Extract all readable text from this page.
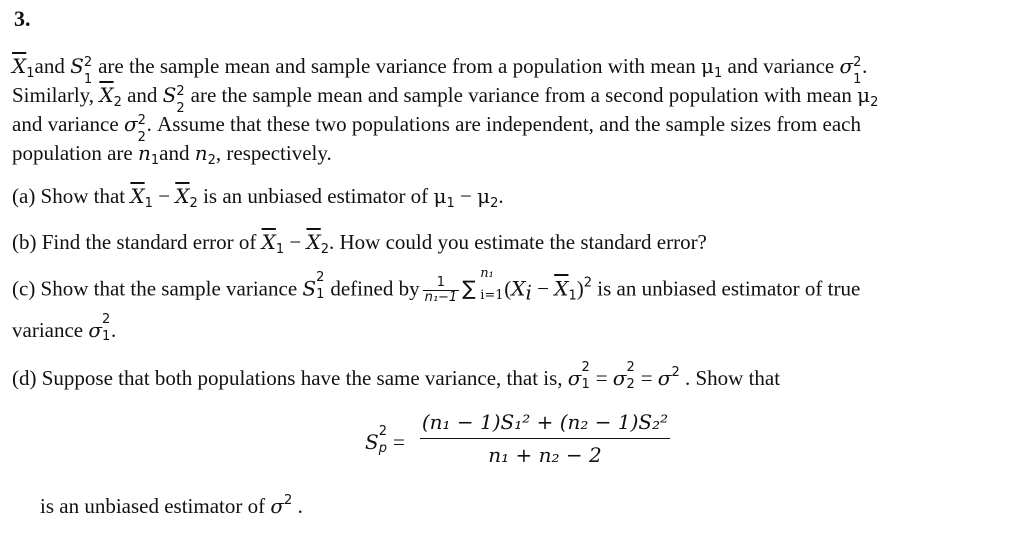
3.
$\overline{X}_1and$ S 2
1
are the sample mean and sample variance from a population with mean $\mu_1$ and variance σ 2
1
.
Similarly, $\overline{X}_2$ and S 2
2
are the sample mean and sample variance from a second population with mean $\mu_2$
and variance σ 2
2
. Assume that these two populations are independent, and the sample sizes from each
population are $n_1and$ $n_2$, respectively.
(a) Show that $\overline{X}_1 - \overline{X}_2$ is an unbiased estimator of $\mu_1 - \mu_2$.
(b) Find the standard error of $\overline{X}_1 - \overline{X}_2$. How could you estimate the standard error?
(c) Show that the sample variance S 2
1 defined by $\frac{1}{\text{n₁−1}}$ ∑
n₁
i=1 $(X_i - \overline{X}_1)^2$ is an unbiased estimator of true
variance σ 2
1 .
(d) Suppose that both populations have the same variance, that is, σ 2
1 = σ 2
$2 = \sigma^2$ . Show that
S 2
$p = \frac{\text{(n₁ − 1)S₁² + (n₂ − 1)S₂²}}{\text{n₁ + n₂ − 2}}$
is an unbiased estimator of $\sigma^2$ .
